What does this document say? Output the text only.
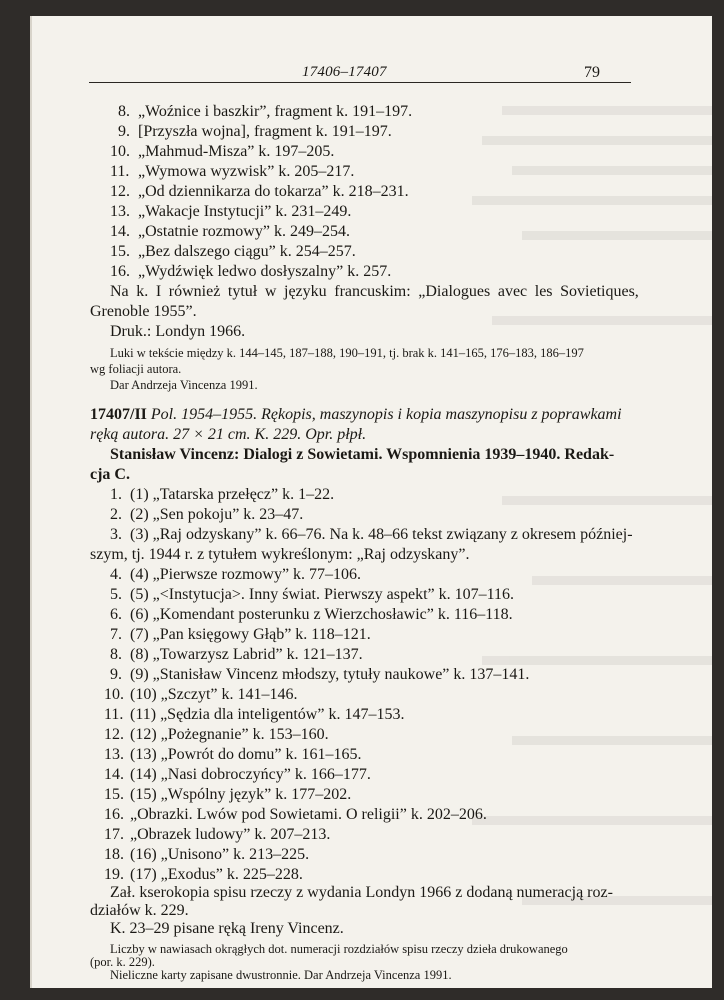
17406–17407	79
8. „Woźnice i baszkir”, fragment k. 191–197.
9. [Przyszła wojna], fragment k. 191–197.
10. „Mahmud-Misza” k. 197–205.
11. „Wymowa wyzwisk” k. 205–217.
12. „Od dziennikarza do tokarza” k. 218–231.
13. „Wakacje Instytucji” k. 231–249.
14. „Ostatnie rozmowy” k. 249–254.
15. „Bez dalszego ciągu” k. 254–257.
16. „Wydźwięk ledwo dosłyszalny” k. 257.
Na k. I również tytuł w języku francuskim: „Dialogues avec les Sovietiques,
Grenoble 1955”.
Druk.: Londyn 1966.
Luki w tekście między k. 144–145, 187–188, 190–191, tj. brak k. 141–165, 176–183, 186–197
wg foliacji autora.
Dar Andrzeja Vincenza 1991.
17407/II Pol. 1954–1955. Rękopis, maszynopis i kopia maszynopisu z poprawkami
ręką autora. 27 × 21 cm. K. 229. Opr. płpł.
Stanisław Vincenz: Dialogi z Sowietami. Wspomnienia 1939–1940. Redak-
cja C.
1. (1) „Tatarska przełęcz” k. 1–22.
2. (2) „Sen pokoju” k. 23–47.
3. (3) „Raj odzyskany” k. 66–76. Na k. 48–66 tekst związany z okresem później-
szym, tj. 1944 r. z tytułem wykreślonym: „Raj odzyskany”.
4. (4) „Pierwsze rozmowy” k. 77–106.
5. (5) „<Instytucja>. Inny świat. Pierwszy aspekt” k. 107–116.
6. (6) „Komendant posterunku z Wierzchosławic” k. 116–118.
7. (7) „Pan księgowy Głąb” k. 118–121.
8. (8) „Towarzysz Labrid” k. 121–137.
9. (9) „Stanisław Vincenz młodszy, tytuły naukowe” k. 137–141.
10. (10) „Szczyt” k. 141–146.
11. (11) „Sędzia dla inteligentów” k. 147–153.
12. (12) „Pożegnanie” k. 153–160.
13. (13) „Powrót do domu” k. 161–165.
14. (14) „Nasi dobroczyńcy” k. 166–177.
15. (15) „Wspólny język” k. 177–202.
16. „Obrazki. Lwów pod Sowietami. O religii” k. 202–206.
17. „Obrazek ludowy” k. 207–213.
18. (16) „Unisono” k. 213–225.
19. (17) „Exodus” k. 225–228.
Zał. kserokopia spisu rzeczy z wydania Londyn 1966 z dodaną numeracją roz-
działów k. 229.
K. 23–29 pisane ręką Ireny Vincenz.
Liczby w nawiasach okrągłych dot. numeracji rozdziałów spisu rzeczy dzieła drukowanego
(por. k. 229).
Nieliczne karty zapisane dwustronnie. Dar Andrzeja Vincenza 1991.
